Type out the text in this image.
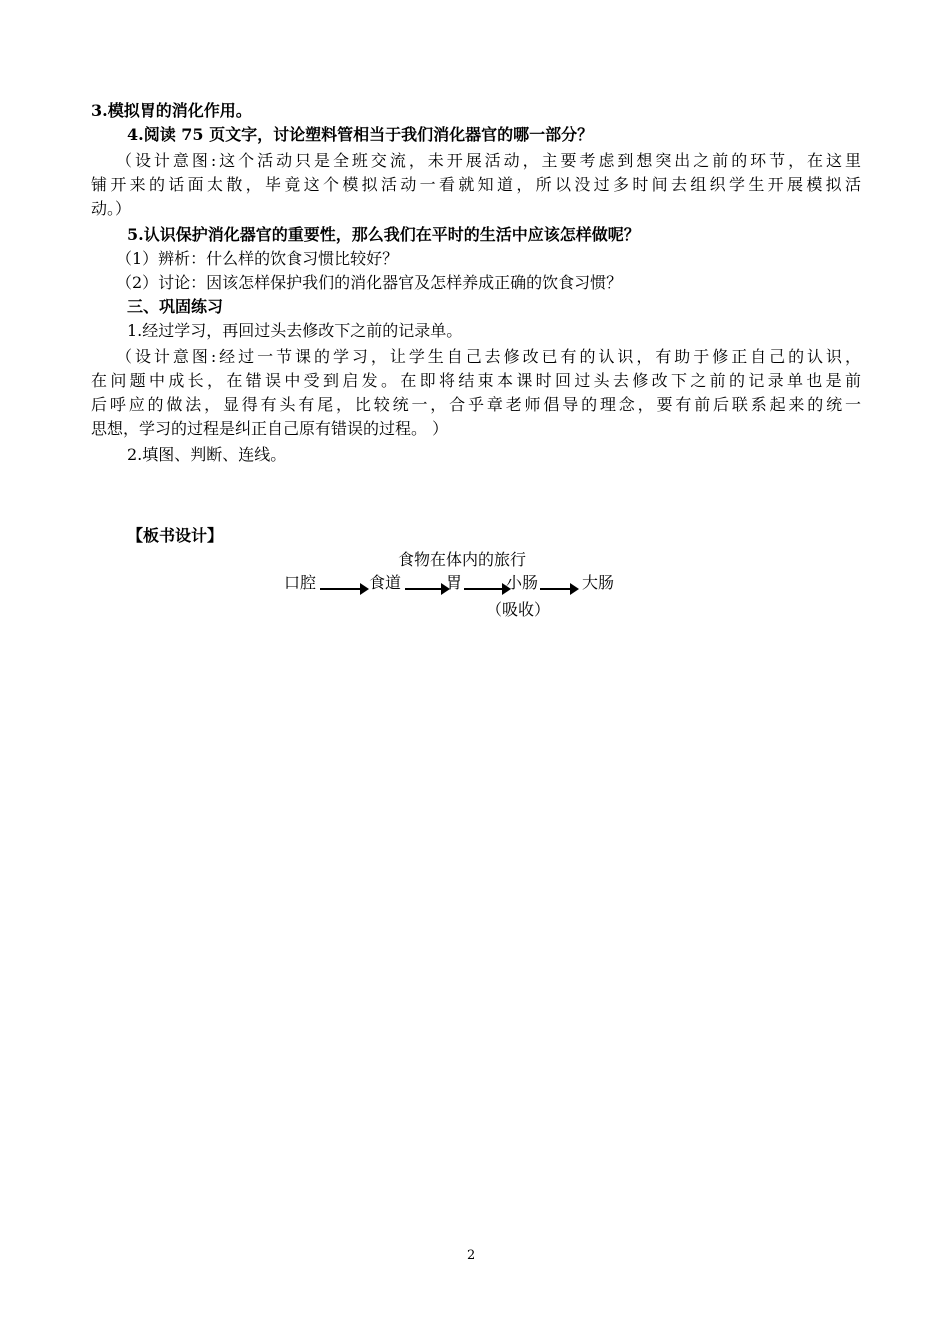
3.模拟胃的消化作用。
4.阅读 75 页文字，讨论塑料管相当于我们消化器官的哪一部分？
（设计意图:这个活动只是全班交流，未开展活动，主要考虑到想突出之前的环节，在这里
铺开来的话面太散，毕竟这个模拟活动一看就知道，所以没过多时间去组织学生开展模拟活
动。）
5.认识保护消化器官的重要性，那么我们在平时的生活中应该怎样做呢？
（1）辨析：什么样的饮食习惯比较好？
（2）讨论：因该怎样保护我们的消化器官及怎样养成正确的饮食习惯？
三、巩固练习
1.经过学习，再回过头去修改下之前的记录单。
（设计意图:经过一节课的学习，让学生自己去修改已有的认识，有助于修正自己的认识，
在问题中成长，在错误中受到启发。在即将结束本课时回过头去修改下之前的记录单也是前
后呼应的做法，显得有头有尾，比较统一，合乎章老师倡导的理念，要有前后联系起来的统一
思想，学习的过程是纠正自己原有错误的过程。 ）
2.填图、判断、连线。
【板书设计】
食物在体内的旅行
口腔	食道	胃	小肠	大肠
（吸收）
2
